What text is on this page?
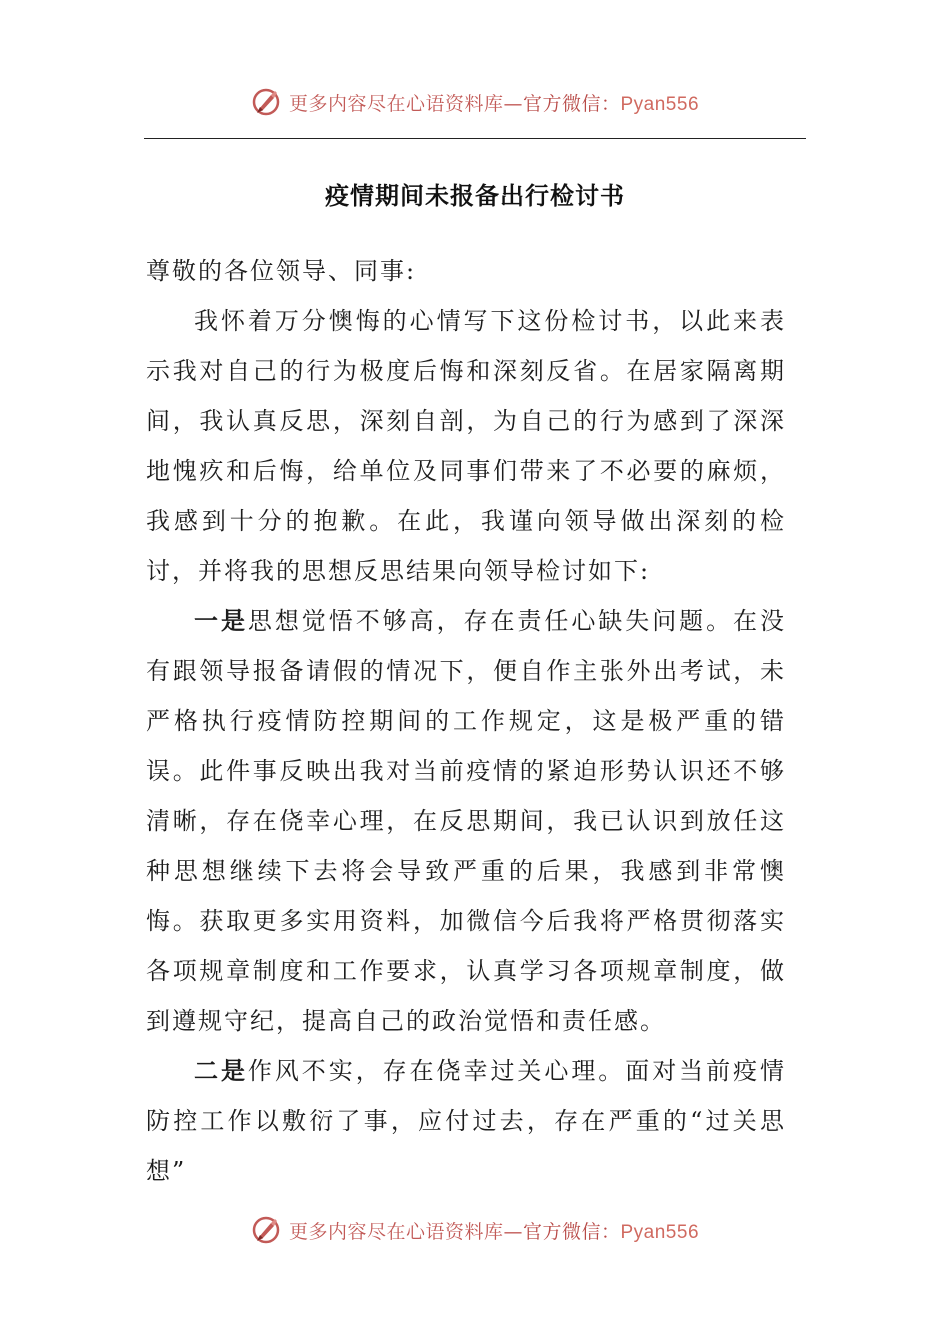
更多内容尽在心语资料库—官方微信：Pyan556
疫情期间未报备出行检讨书

尊敬的各位领导、同事:

我怀着万分懊悔的心情写下这份检讨书，以此来表示我对自己的行为极度后悔和深刻反省。在居家隔离期间，我认真反思，深刻自剖，为自己的行为感到了深深地愧疚和后悔，给单位及同事们带来了不必要的麻烦，我感到十分的抱歉。在此，我谨向领导做出深刻的检讨，并将我的思想反思结果向领导检讨如下:

一是思想觉悟不够高，存在责任心缺失问题。在没有跟领导报备请假的情况下，便自作主张外出考试，未严格执行疫情防控期间的工作规定，这是极严重的错误。此件事反映出我对当前疫情的紧迫形势认识还不够清晰，存在侥幸心理，在反思期间，我已认识到放任这种思想继续下去将会导致严重的后果，我感到非常懊悔。获取更多实用资料，加微信今后我将严格贯彻落实各项规章制度和工作要求，认真学习各项规章制度，做到遵规守纪，提高自己的政治觉悟和责任感。

二是作风不实，存在侥幸过关心理。面对当前疫情防控工作以敷衍了事，应付过去，存在严重的“过关思想”

更多内容尽在心语资料库—官方微信：Pyan556
